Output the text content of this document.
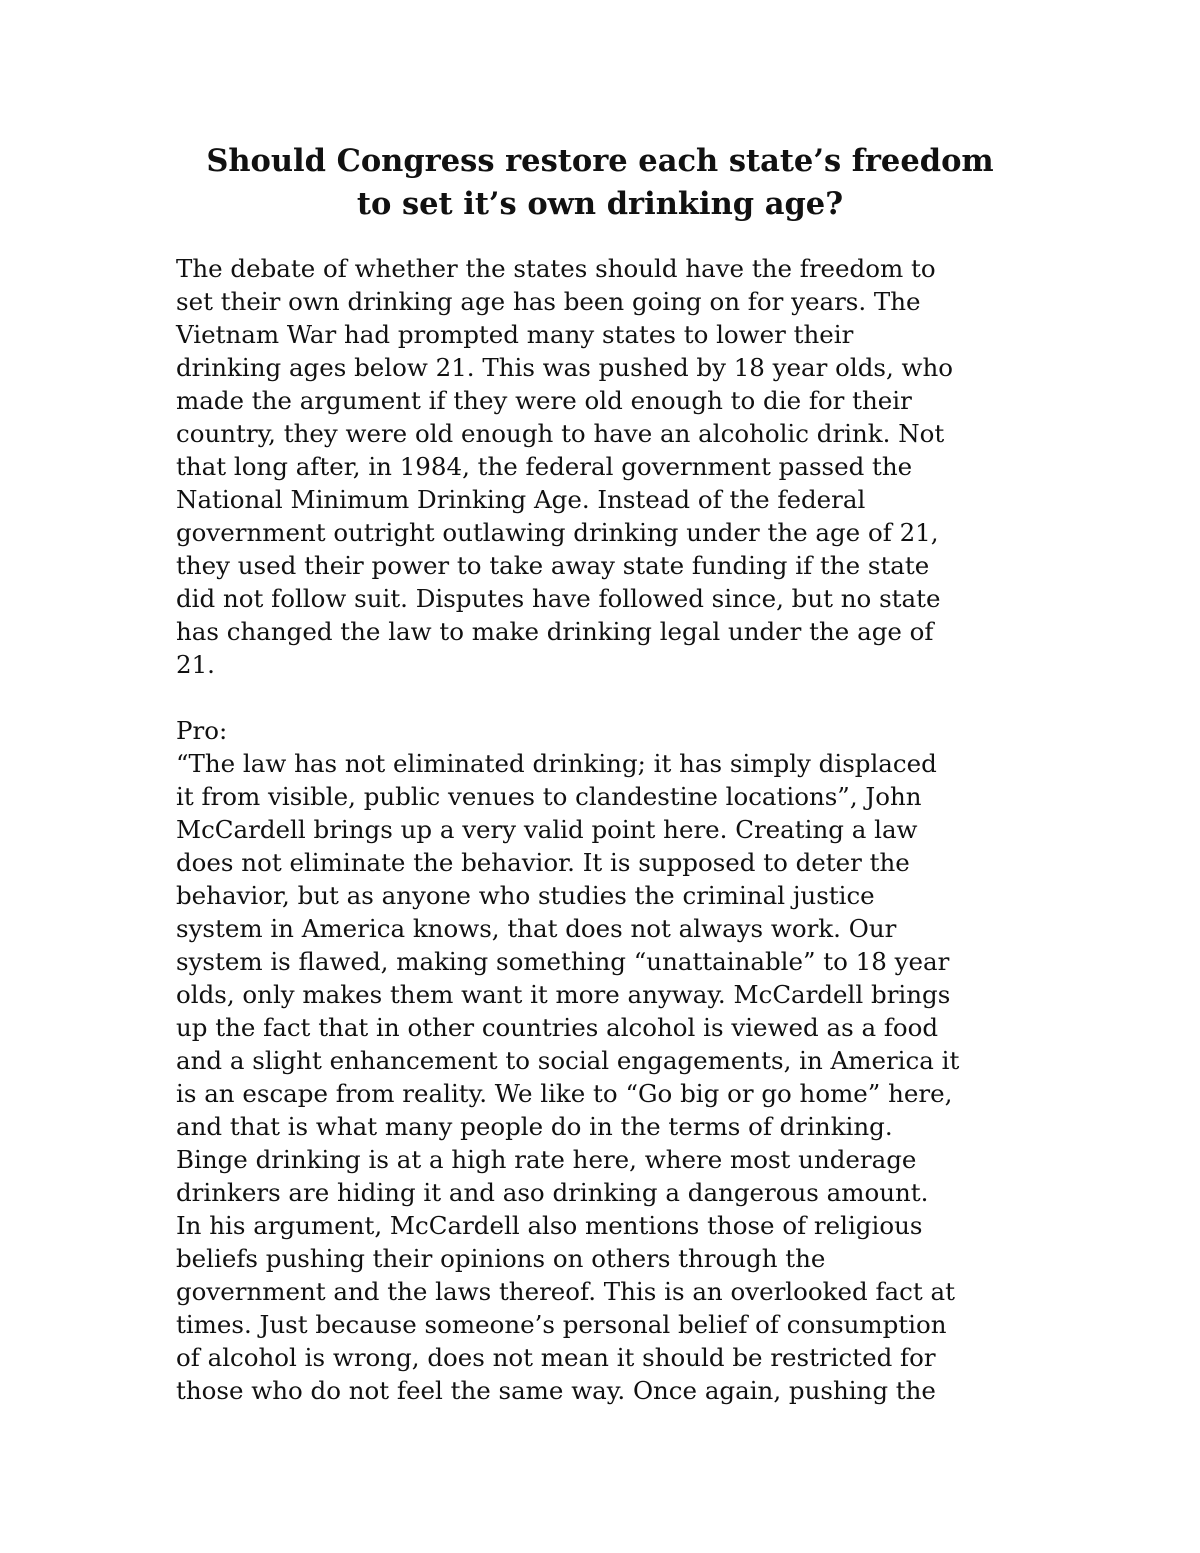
Should Congress restore each state’s freedom
to set it’s own drinking age?
The debate of whether the states should have the freedom to
set their own drinking age has been going on for years. The
Vietnam War had prompted many states to lower their
drinking ages below 21. This was pushed by 18 year olds, who
made the argument if they were old enough to die for their
country, they were old enough to have an alcoholic drink. Not
that long after, in 1984, the federal government passed the
National Minimum Drinking Age. Instead of the federal
government outright outlawing drinking under the age of 21,
they used their power to take away state funding if the state
did not follow suit. Disputes have followed since, but no state
has changed the law to make drinking legal under the age of
21.
Pro:
“The law has not eliminated drinking; it has simply displaced
it from visible, public venues to clandestine locations”, John
McCardell brings up a very valid point here. Creating a law
does not eliminate the behavior. It is supposed to deter the
behavior, but as anyone who studies the criminal justice
system in America knows, that does not always work. Our
system is flawed, making something “unattainable” to 18 year
olds, only makes them want it more anyway. McCardell brings
up the fact that in other countries alcohol is viewed as a food
and a slight enhancement to social engagements, in America it
is an escape from reality. We like to “Go big or go home” here,
and that is what many people do in the terms of drinking.
Binge drinking is at a high rate here, where most underage
drinkers are hiding it and aso drinking a dangerous amount.
In his argument, McCardell also mentions those of religious
beliefs pushing their opinions on others through the
government and the laws thereof. This is an overlooked fact at
times. Just because someone’s personal belief of consumption
of alcohol is wrong, does not mean it should be restricted for
those who do not feel the same way. Once again, pushing the
